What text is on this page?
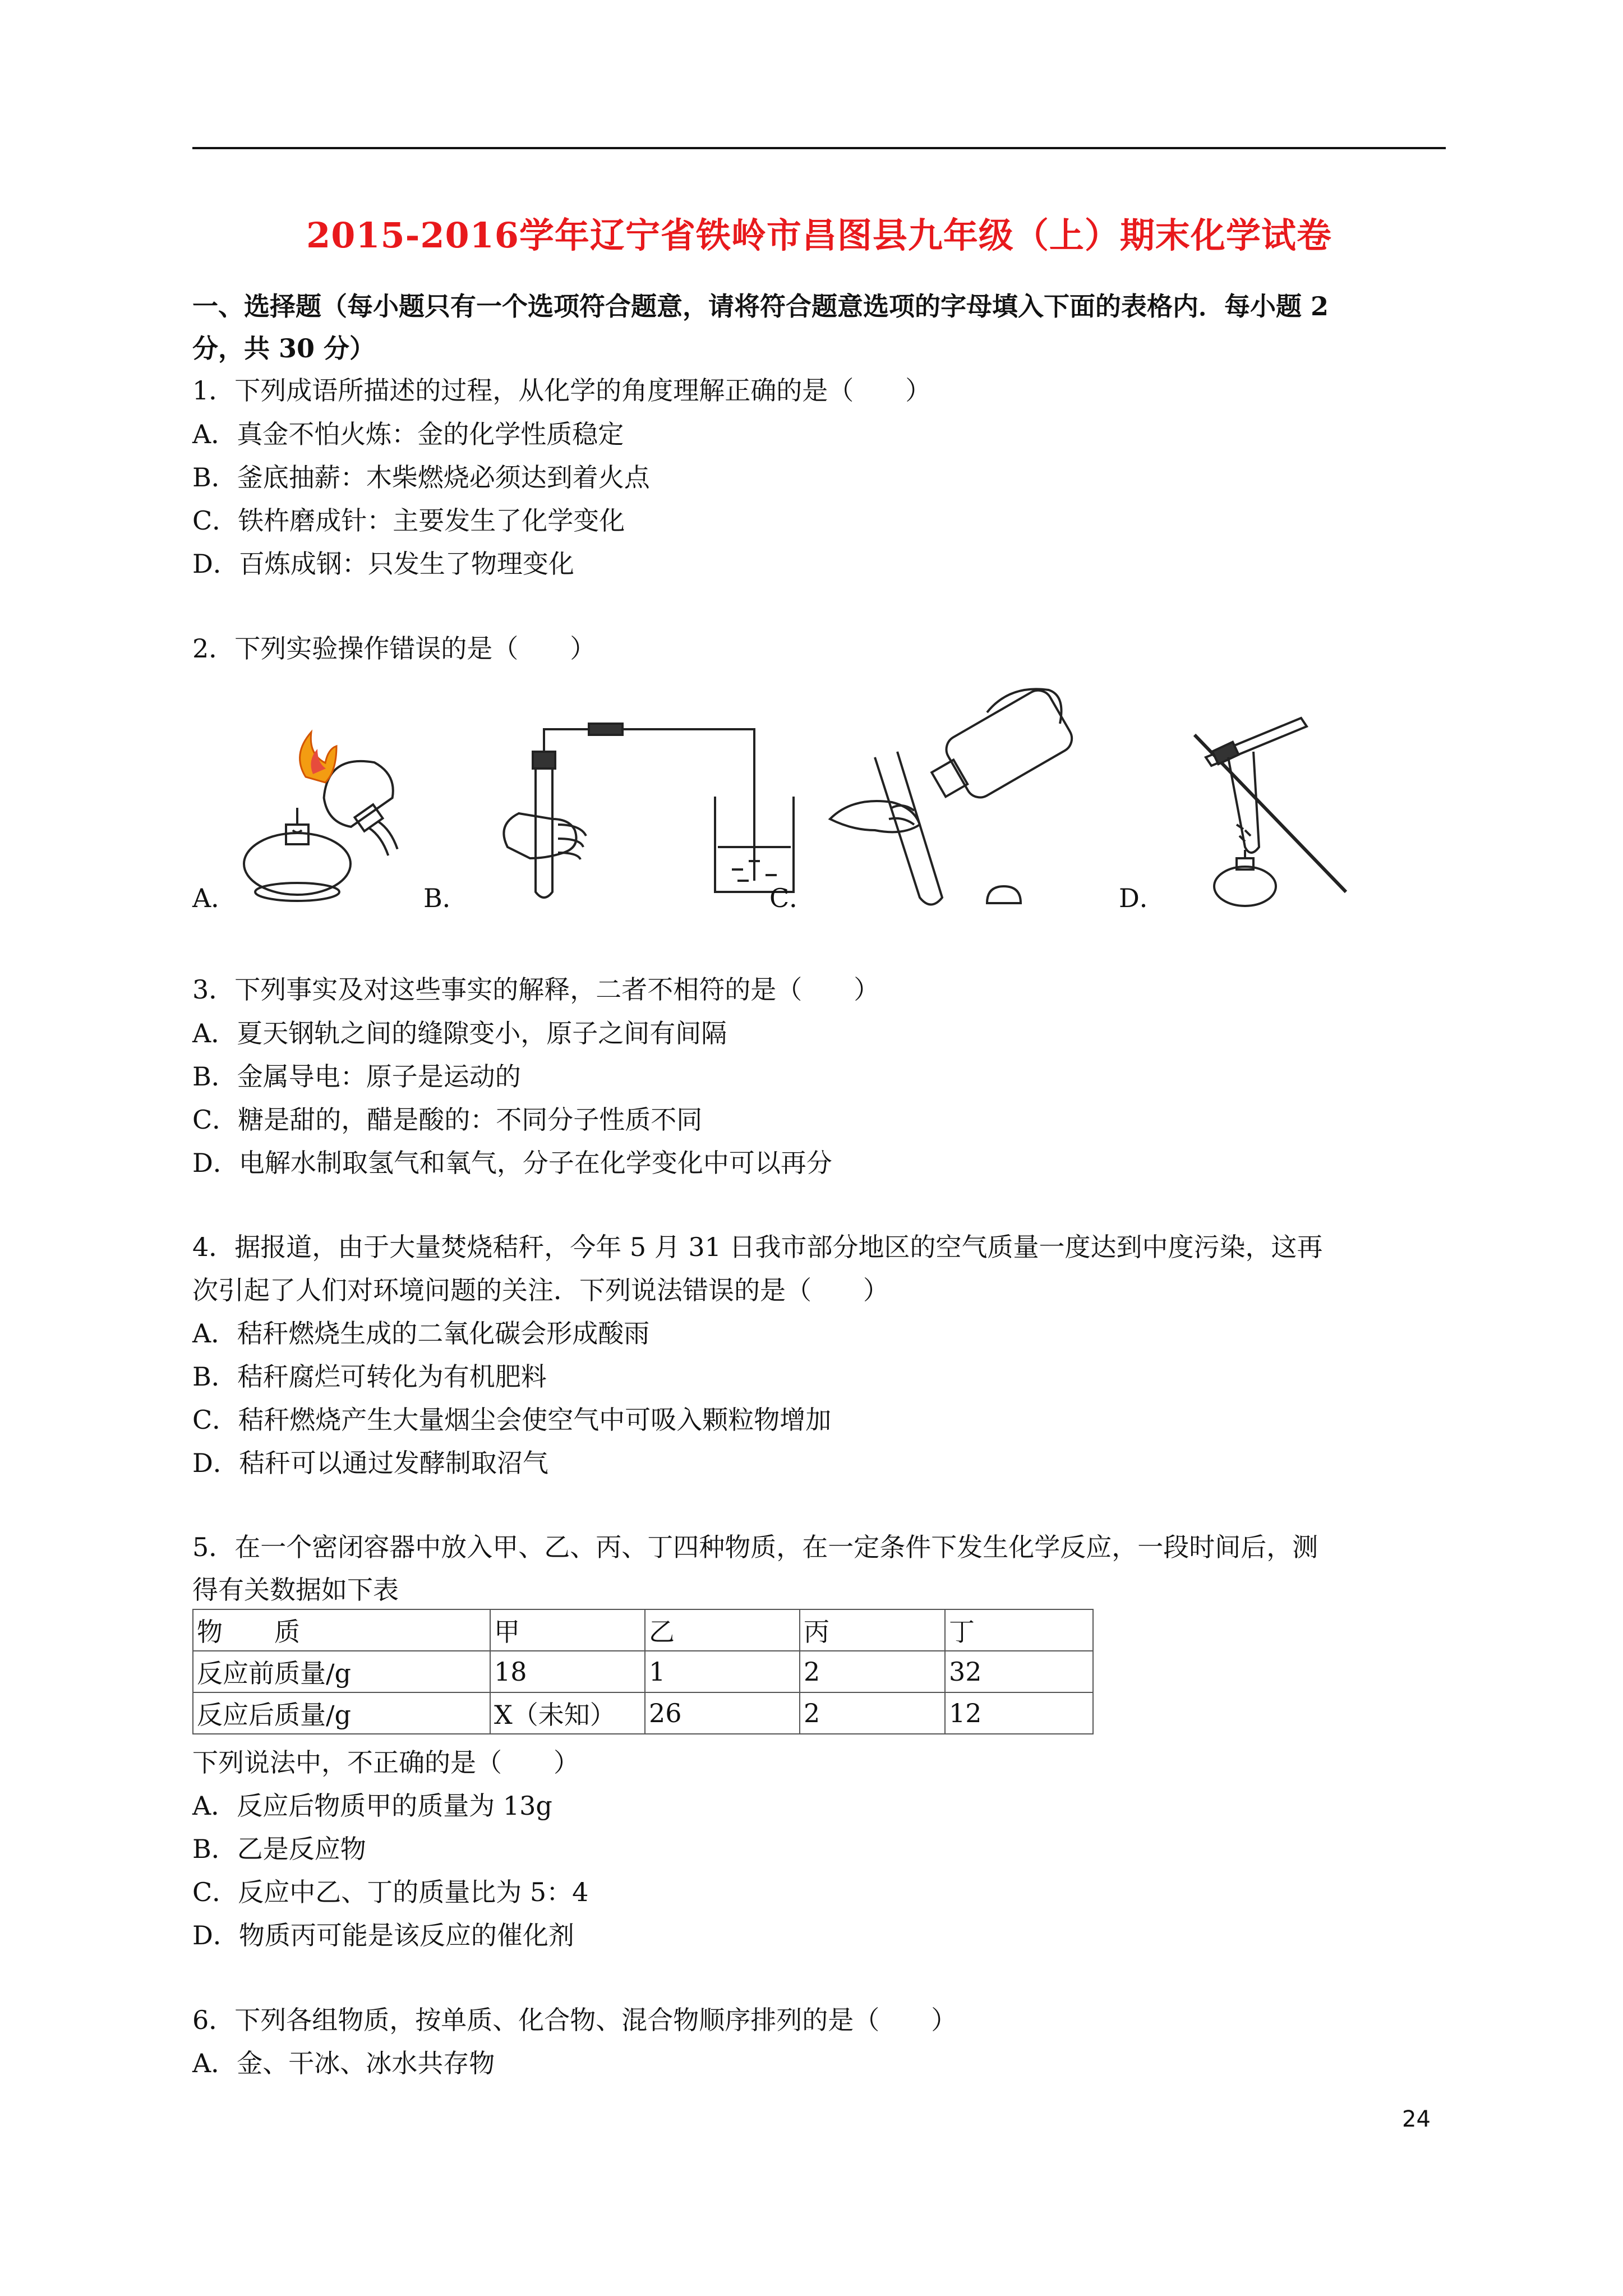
2015-2016学年辽宁省铁岭市昌图县九年级（上）期末化学试卷
一、选择题（每小题只有一个选项符合题意，请将符合题意选项的字母填入下面的表格内．每小题 2
分，共 30 分）
1．下列成语所描述的过程，从化学的角度理解正确的是（　　）
A．真金不怕火炼：金的化学性质稳定
B．釜底抽薪：木柴燃烧必须达到着火点
C．铁杵磨成针：主要发生了化学变化
D．百炼成钢：只发生了物理变化
2．下列实验操作错误的是（　　）
A．	B．	C．	D．
3．下列事实及对这些事实的解释，二者不相符的是（　　）
A．夏天钢轨之间的缝隙变小，原子之间有间隔
B．金属导电：原子是运动的
C．糖是甜的，醋是酸的：不同分子性质不同
D．电解水制取氢气和氧气，分子在化学变化中可以再分
4．据报道，由于大量焚烧秸秆，今年 5 月 31 日我市部分地区的空气质量一度达到中度污染，这再
次引起了人们对环境问题的关注．下列说法错误的是（　　）
A．秸秆燃烧生成的二氧化碳会形成酸雨
B．秸秆腐烂可转化为有机肥料
C．秸秆燃烧产生大量烟尘会使空气中可吸入颗粒物增加
D．秸秆可以通过发酵制取沼气
5．在一个密闭容器中放入甲、乙、丙、丁四种物质，在一定条件下发生化学反应，一段时间后，测
得有关数据如下表
物　　质	甲	乙	丙	丁
反应前质量/g	18	1	2	32
反应后质量/g	X（未知）	26	2	12
下列说法中，不正确的是（　　）
A．反应后物质甲的质量为 13g
B．乙是反应物
C．反应中乙、丁的质量比为 5：4
D．物质丙可能是该反应的催化剂
6．下列各组物质，按单质、化合物、混合物顺序排列的是（　　）
A．金、干冰、冰水共存物
24
